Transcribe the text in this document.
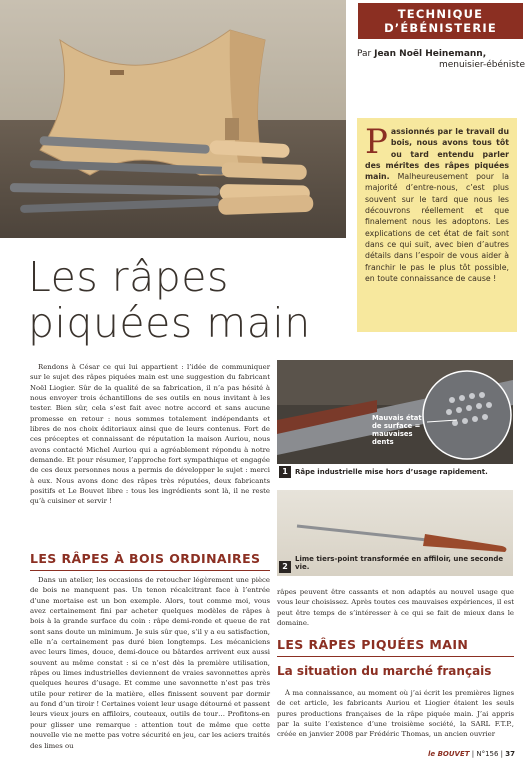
TECHNIQUE
D’ÉBÉNISTERIE
Par Jean Noël Heinemann,
menuisier-ébéniste
Passionnés par le travail du bois, nous avons tous tôt ou tard entendu parler des mérites des râpes piquées main. Malheureusement pour la majorité d’entre-nous, c’est plus souvent sur le tard que nous les découvrons réellement et que finalement nous les adoptons. Les explications de cet état de fait sont dans ce qui suit, avec bien d’autres détails dans l’espoir de vous aider à franchir le pas le plus tôt possible, en toute connaissance de cause !
Les râpes
piquées main
Rendons à César ce qui lui appartient : l’idée de communiquer sur le sujet des râpes piquées main est une suggestion du fabricant Noël Liogier. Sûr de la qualité de sa fabrication, il n’a pas hésité à nous envoyer trois échantillons de ses outils en nous invitant à les tester. Bien sûr, cela s’est fait avec notre accord et sans aucune promesse en retour : nous sommes totalement indépendants et libres de nos choix éditoriaux ainsi que de leurs contenus. Fort de ces préceptes et connaissant de réputation la maison Auriou, nous avons contacté Michel Auriou qui a agréablement répondu à notre demande. Et pour résumer, l’approche fort sympathique et engagée de ces deux personnes nous a permis de développer le sujet : merci à eux. Nous avons donc des râpes très réputées, deux fabricants positifs et Le Bouvet libre : tous les ingrédients sont là, il ne reste qu’à cuisiner et servir !
LES RÂPES À BOIS ORDINAIRES
Dans un atelier, les occasions de retoucher légèrement une pièce de bois ne manquent pas. Un tenon récalcitrant face à l’entrée d’une mortaise est un bon exemple. Alors, tout comme moi, vous avez certainement fini par acheter quelques modèles de râpes à bois à la grande surface du coin : râpe demi-ronde et queue de rat sont sans doute un minimum. Je suis sûr que, s’il y a eu satisfaction, elle n’a certainement pas duré bien longtemps. Les mécaniciens avec leurs limes, douce, demi-douce ou bâtardes arrivent eux aussi souvent au même constat : si ce n’est dès la première utilisation, râpes ou limes industrielles deviennent de vraies savonnettes après quelques heures d’usage. Et comme une savonnette n’est pas très utile pour retirer de la matière, elles finissent souvent par dormir au fond d’un tiroir ! Certaines voient leur usage détourné et passent leurs vieux jours en affiloirs, couteaux, outils de tour… Profitons-en pour glisser une remarque : attention tout de même que cette nouvelle vie ne mette pas votre sécurité en jeu, car les aciers traités des limes ou
Mauvais état de surface = mauvaises dents
1	Râpe industrielle mise hors d’usage rapidement.
2
Lime tiers-point transformée en affiloir, une seconde vie.
râpes peuvent être cassants et non adaptés au nouvel usage que vous leur choisissez. Après toutes ces mauvaises expériences, il est peut être temps de s’intéresser à ce qui se fait de mieux dans le domaine.
LES RÂPES PIQUÉES MAIN
La situation du marché français
À ma connaissance, au moment où j’ai écrit les premières lignes de cet article, les fabricants Auriou et Liogier étaient les seuls pures productions françaises de la râpe piquée main. J’ai appris par la suite l’existence d’une troisième société, la SARL F.T.P., créée en janvier 2008 par Frédéric Thomas, un ancien ouvrier
le BOUVET | N°156 | 37
